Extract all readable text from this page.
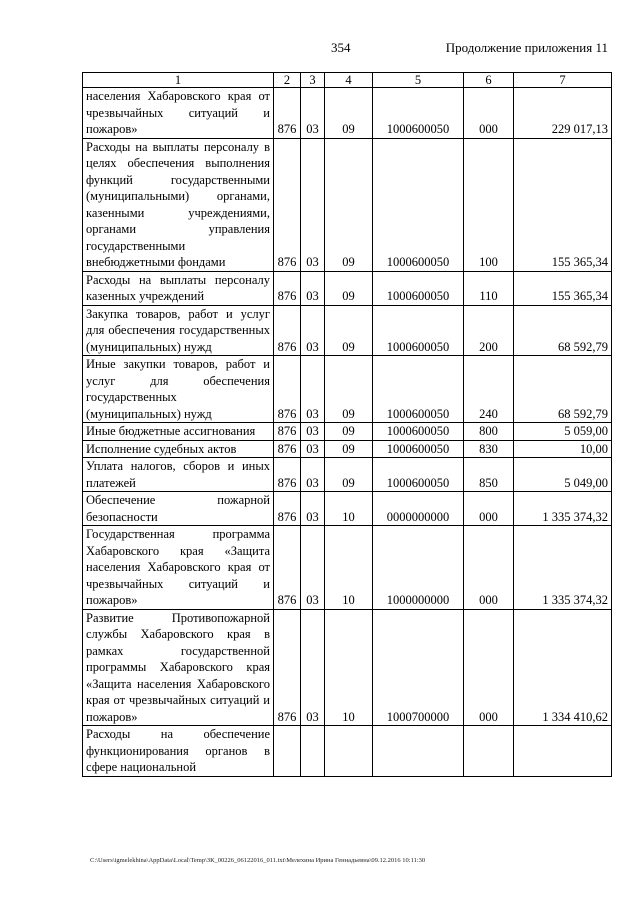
354	Продолжение приложения 11
1	2	3	4	5	6	7
населения Хабаровского края от чрезвычайных ситуаций и пожаров»	876	03	09	1000600050	000	229 017,13
Расходы на выплаты персоналу в целях обеспечения выполнения функций государственными (муниципальными) органами, казенными учреждениями, органами управления государственными внебюджетными фондами	876	03	09	1000600050	100	155 365,34
Расходы на выплаты персоналу казенных учреждений	876	03	09	1000600050	110	155 365,34
Закупка товаров, работ и услуг для обеспечения государственных (муниципальных) нужд	876	03	09	1000600050	200	68 592,79
Иные закупки товаров, работ и услуг для обеспечения государственных (муниципальных) нужд	876	03	09	1000600050	240	68 592,79
Иные бюджетные ассигнования	876	03	09	1000600050	800	5 059,00
Исполнение судебных актов	876	03	09	1000600050	830	10,00
Уплата налогов, сборов и иных платежей	876	03	09	1000600050	850	5 049,00
Обеспечение пожарной безопасности	876	03	10	0000000000	000	1 335 374,32
Государственная программа Хабаровского края «Защита населения Хабаровского края от чрезвычайных ситуаций и пожаров»	876	03	10	1000000000	000	1 335 374,32
Развитие Противопожарной службы Хабаровского края в рамках государственной программы Хабаровского края «Защита населения Хабаровского края от чрезвычайных ситуаций и пожаров»	876	03	10	1000700000	000	1 334 410,62
Расходы на обеспечение функционирования органов в сфере национальной						
C:\Users\igmelekhina\AppData\Local\Temp\ЗК_00226_06122016_011.txt\Мелехина Ирина Геннадьевна\09.12.2016 10:11:30
